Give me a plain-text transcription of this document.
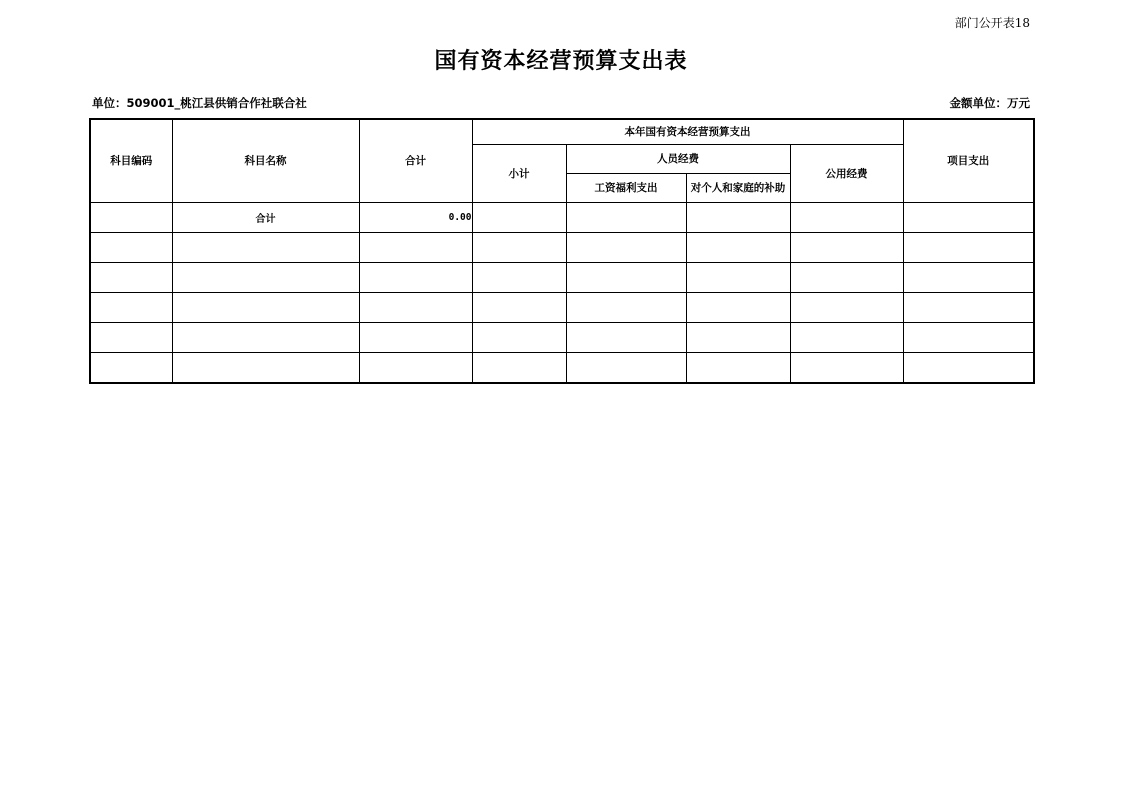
部门公开表18
国有资本经营预算支出表
单位：509001_桃江县供销合作社联合社	金额单位：万元
科目编码	科目名称	合计	本年国有资本经营预算支出				项目支出
			小计	人员经费		公用经费	
				工资福利支出	对个人和家庭的补助		
	合计	0.00					
